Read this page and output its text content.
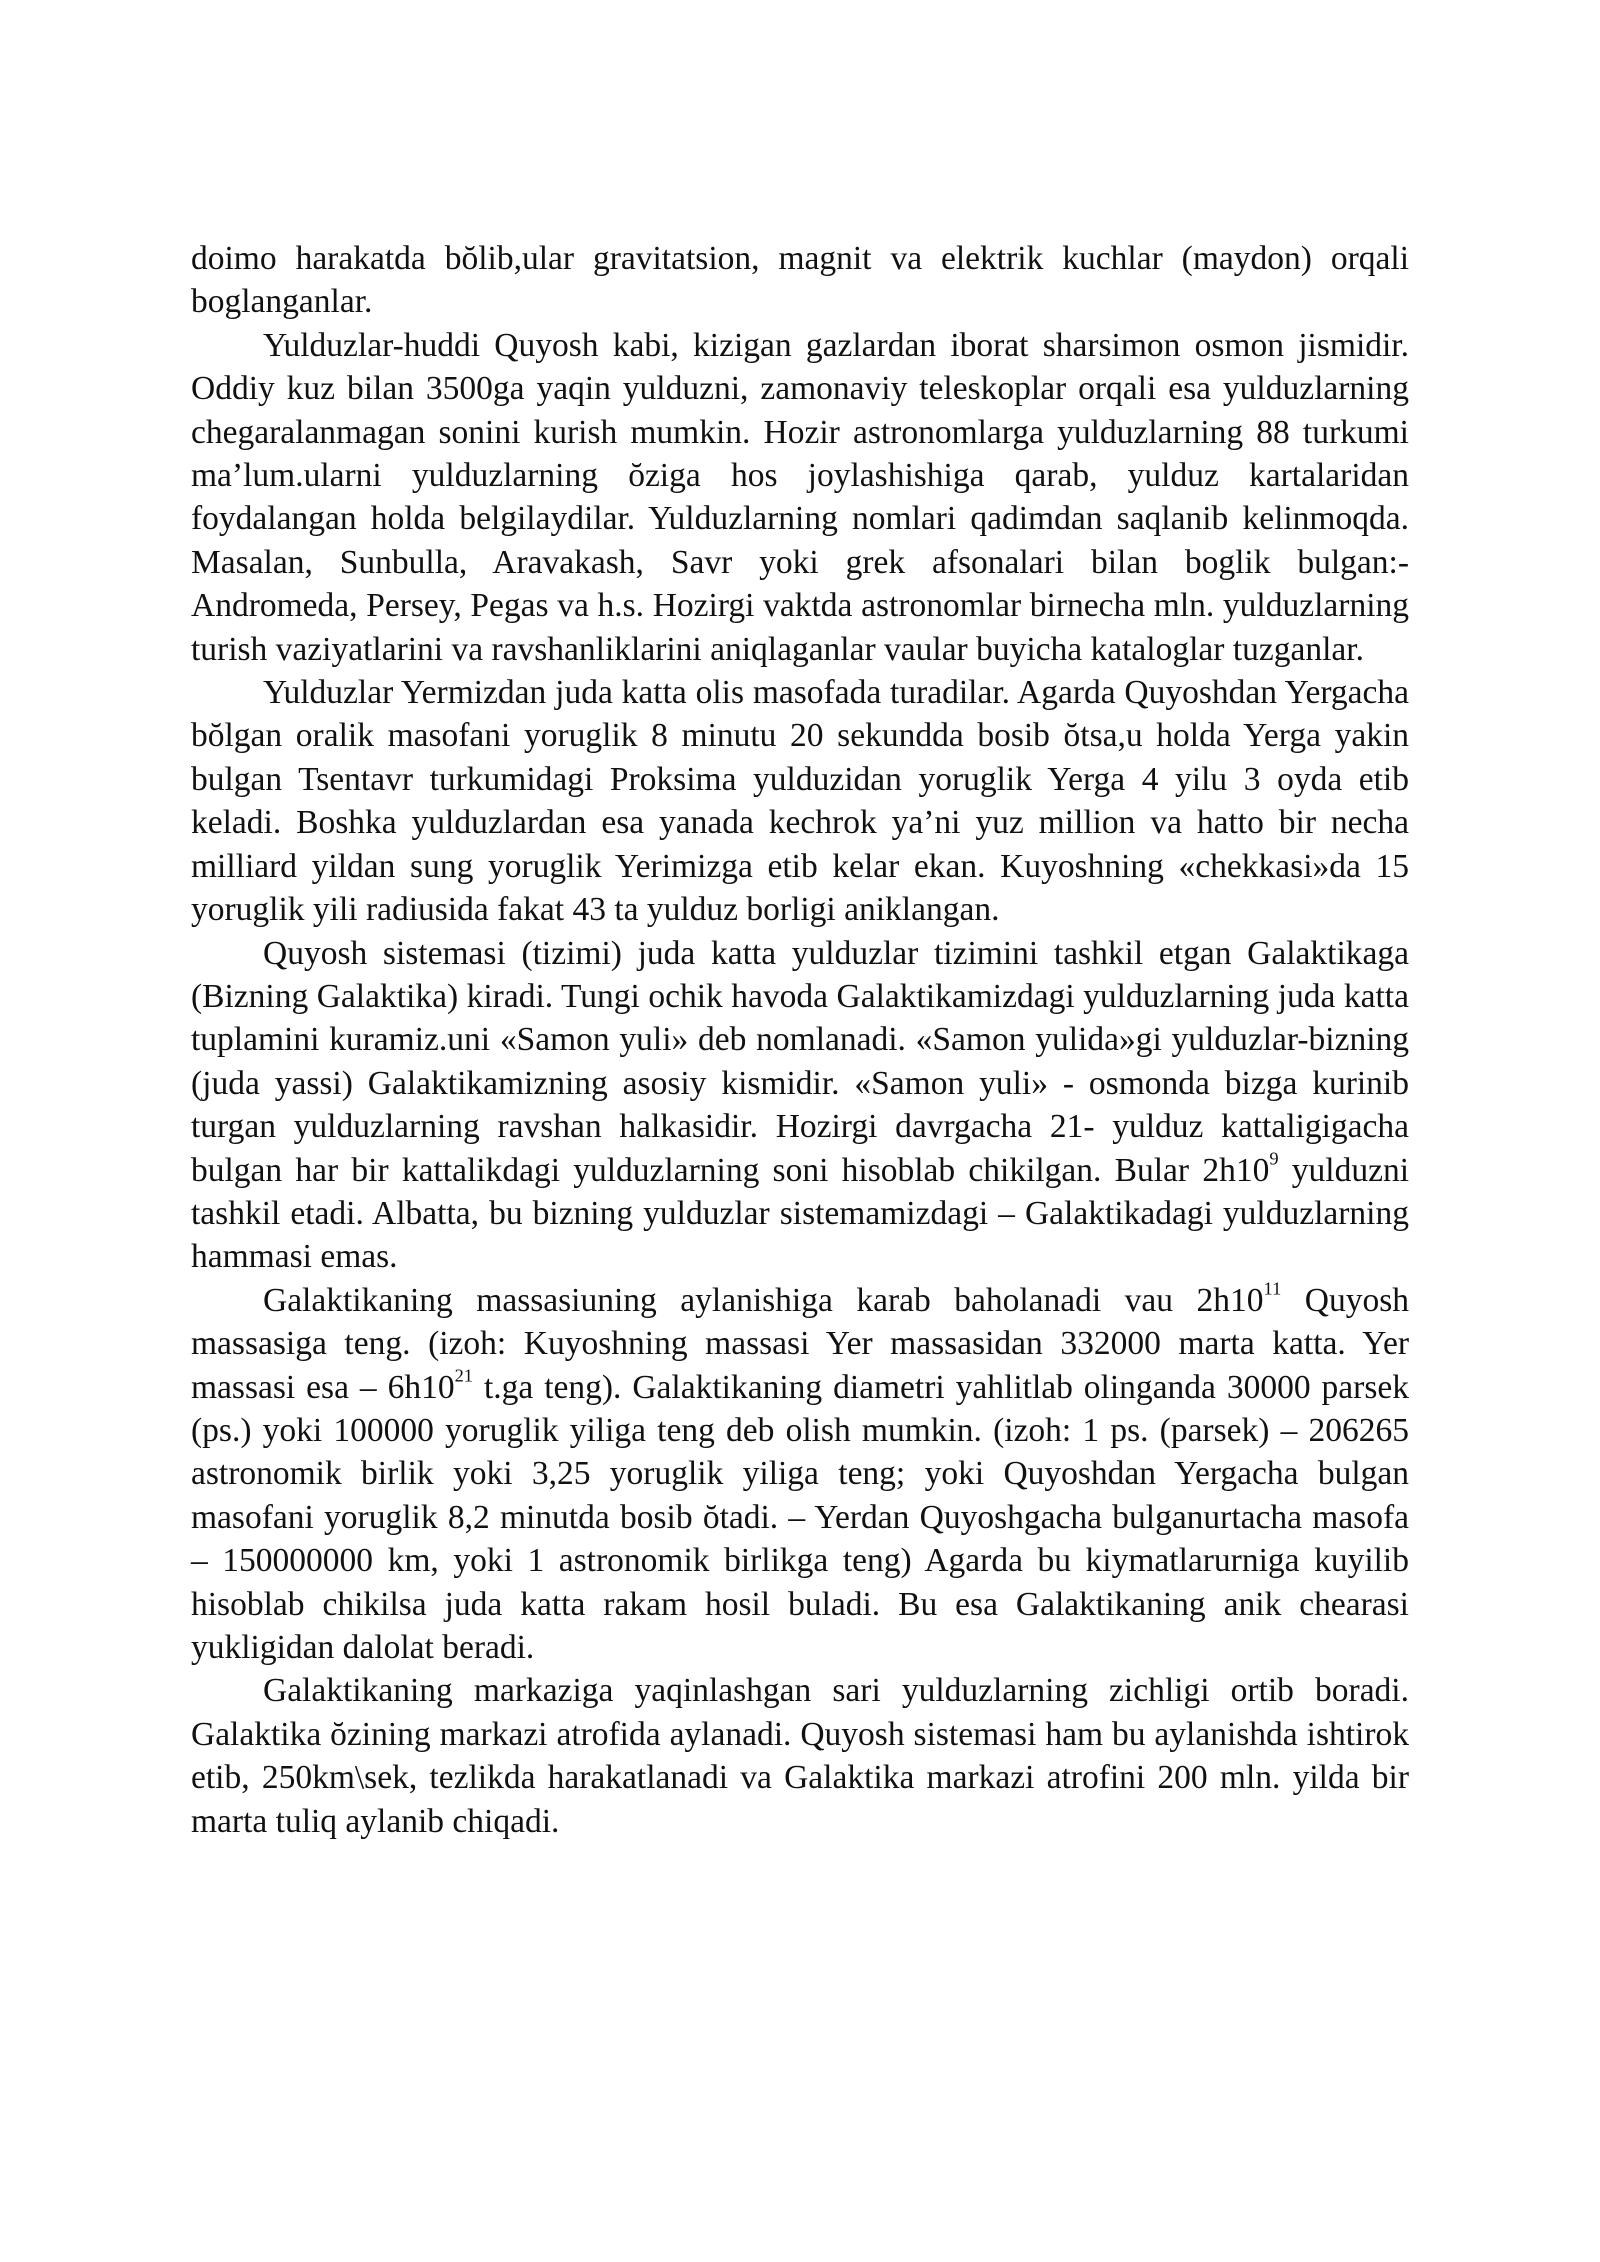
doimo harakatda bŏlib,ular gravitatsion, magnit va elektrik kuchlar (maydon) orqali boglanganlar.

Yulduzlar-huddi Quyosh kabi, kizigan gazlardan iborat sharsimon osmon jismidir. Oddiy kuz bilan 3500ga yaqin yulduzni, zamonaviy teleskoplar orqali esa yulduzlarning chegaralanmagan sonini kurish mumkin. Hozir astronomlarga yulduzlarning 88 turkumi ma’lum.ularni yulduzlarning ŏziga hos joylashishiga qarab, yulduz kartalaridan foydalangan holda belgilaydilar. Yulduzlarning nomlari qadimdan saqlanib kelinmoqda. Masalan, Sunbulla, Aravakash, Savr yoki grek afsonalari bilan boglik bulgan:- Andromeda, Persey, Pegas va h.s. Hozirgi vaktda astronomlar birnecha mln. yulduzlarning turish vaziyatlarini va ravshanliklarini aniqlaganlar vaular buyicha kataloglar tuzganlar.

Yulduzlar Yermizdan juda katta olis masofada turadilar. Agarda Quyoshdan Yergacha bŏlgan oralik masofani yoruglik 8 minutu 20 sekundda bosib ŏtsa,u holda Yerga yakin bulgan Tsentavr turkumidagi Proksima yulduzidan yoruglik Yerga 4 yilu 3 oyda etib keladi. Boshka yulduzlardan esa yanada kechrok ya’ni yuz million va hatto bir necha milliard yildan sung yoruglik Yerimizga etib kelar ekan. Kuyoshning «chekkasi»da 15 yoruglik yili radiusida fakat 43 ta yulduz borligi aniklangan.

Quyosh sistemasi (tizimi) juda katta yulduzlar tizimini tashkil etgan Galaktikaga (Bizning Galaktika) kiradi. Tungi ochik havoda Galaktikamizdagi yulduzlarning juda katta tuplamini kuramiz.uni «Samon yuli» deb nomlanadi. «Samon yulida»gi yulduzlar-bizning (juda yassi) Galaktikamizning asosiy kismidir. «Samon yuli» - osmonda bizga kurinib turgan yulduzlarning ravshan halkasidir. Hozirgi davrgacha 21- yulduz kattaligigacha bulgan har bir kattalikdagi yulduzlarning soni hisoblab chikilgan. Bular $2h10^9$ yulduzni tashkil etadi. Albatta, bu bizning yulduzlar sistemamizdagi – Galaktikadagi yulduzlarning hammasi emas.

Galaktikaning massasiuning aylanishiga karab baholanadi vau $2h10^{11}$ Quyosh massasiga teng. (izoh: Kuyoshning massasi Yer massasidan 332000 marta katta. Yer massasi esa – $6h10^{21}$ t.ga teng). Galaktikaning diametri yahlitlab olinganda 30000 parsek (ps.) yoki 100000 yoruglik yiliga teng deb olish mumkin. (izoh: 1 ps. (parsek) – 206265 astronomik birlik yoki 3,25 yoruglik yiliga teng; yoki Quyoshdan Yergacha bulgan masofani yoruglik 8,2 minutda bosib ŏtadi. – Yerdan Quyoshgacha bulganurtacha masofa – 150000000 km, yoki 1 astronomik birlikga teng) Agarda bu kiymatlarurniga kuyilib hisoblab chikilsa juda katta rakam hosil buladi. Bu esa Galaktikaning anik chearasi yukligidan dalolat beradi.

Galaktikaning markaziga yaqinlashgan sari yulduzlarning zichligi ortib boradi. Galaktika ŏzining markazi atrofida aylanadi. Quyosh sistemasi ham bu aylanishda ishtirok etib, 250km\sek, tezlikda harakatlanadi va Galaktika markazi atrofini 200 mln. yilda bir marta tuliq aylanib chiqadi.
